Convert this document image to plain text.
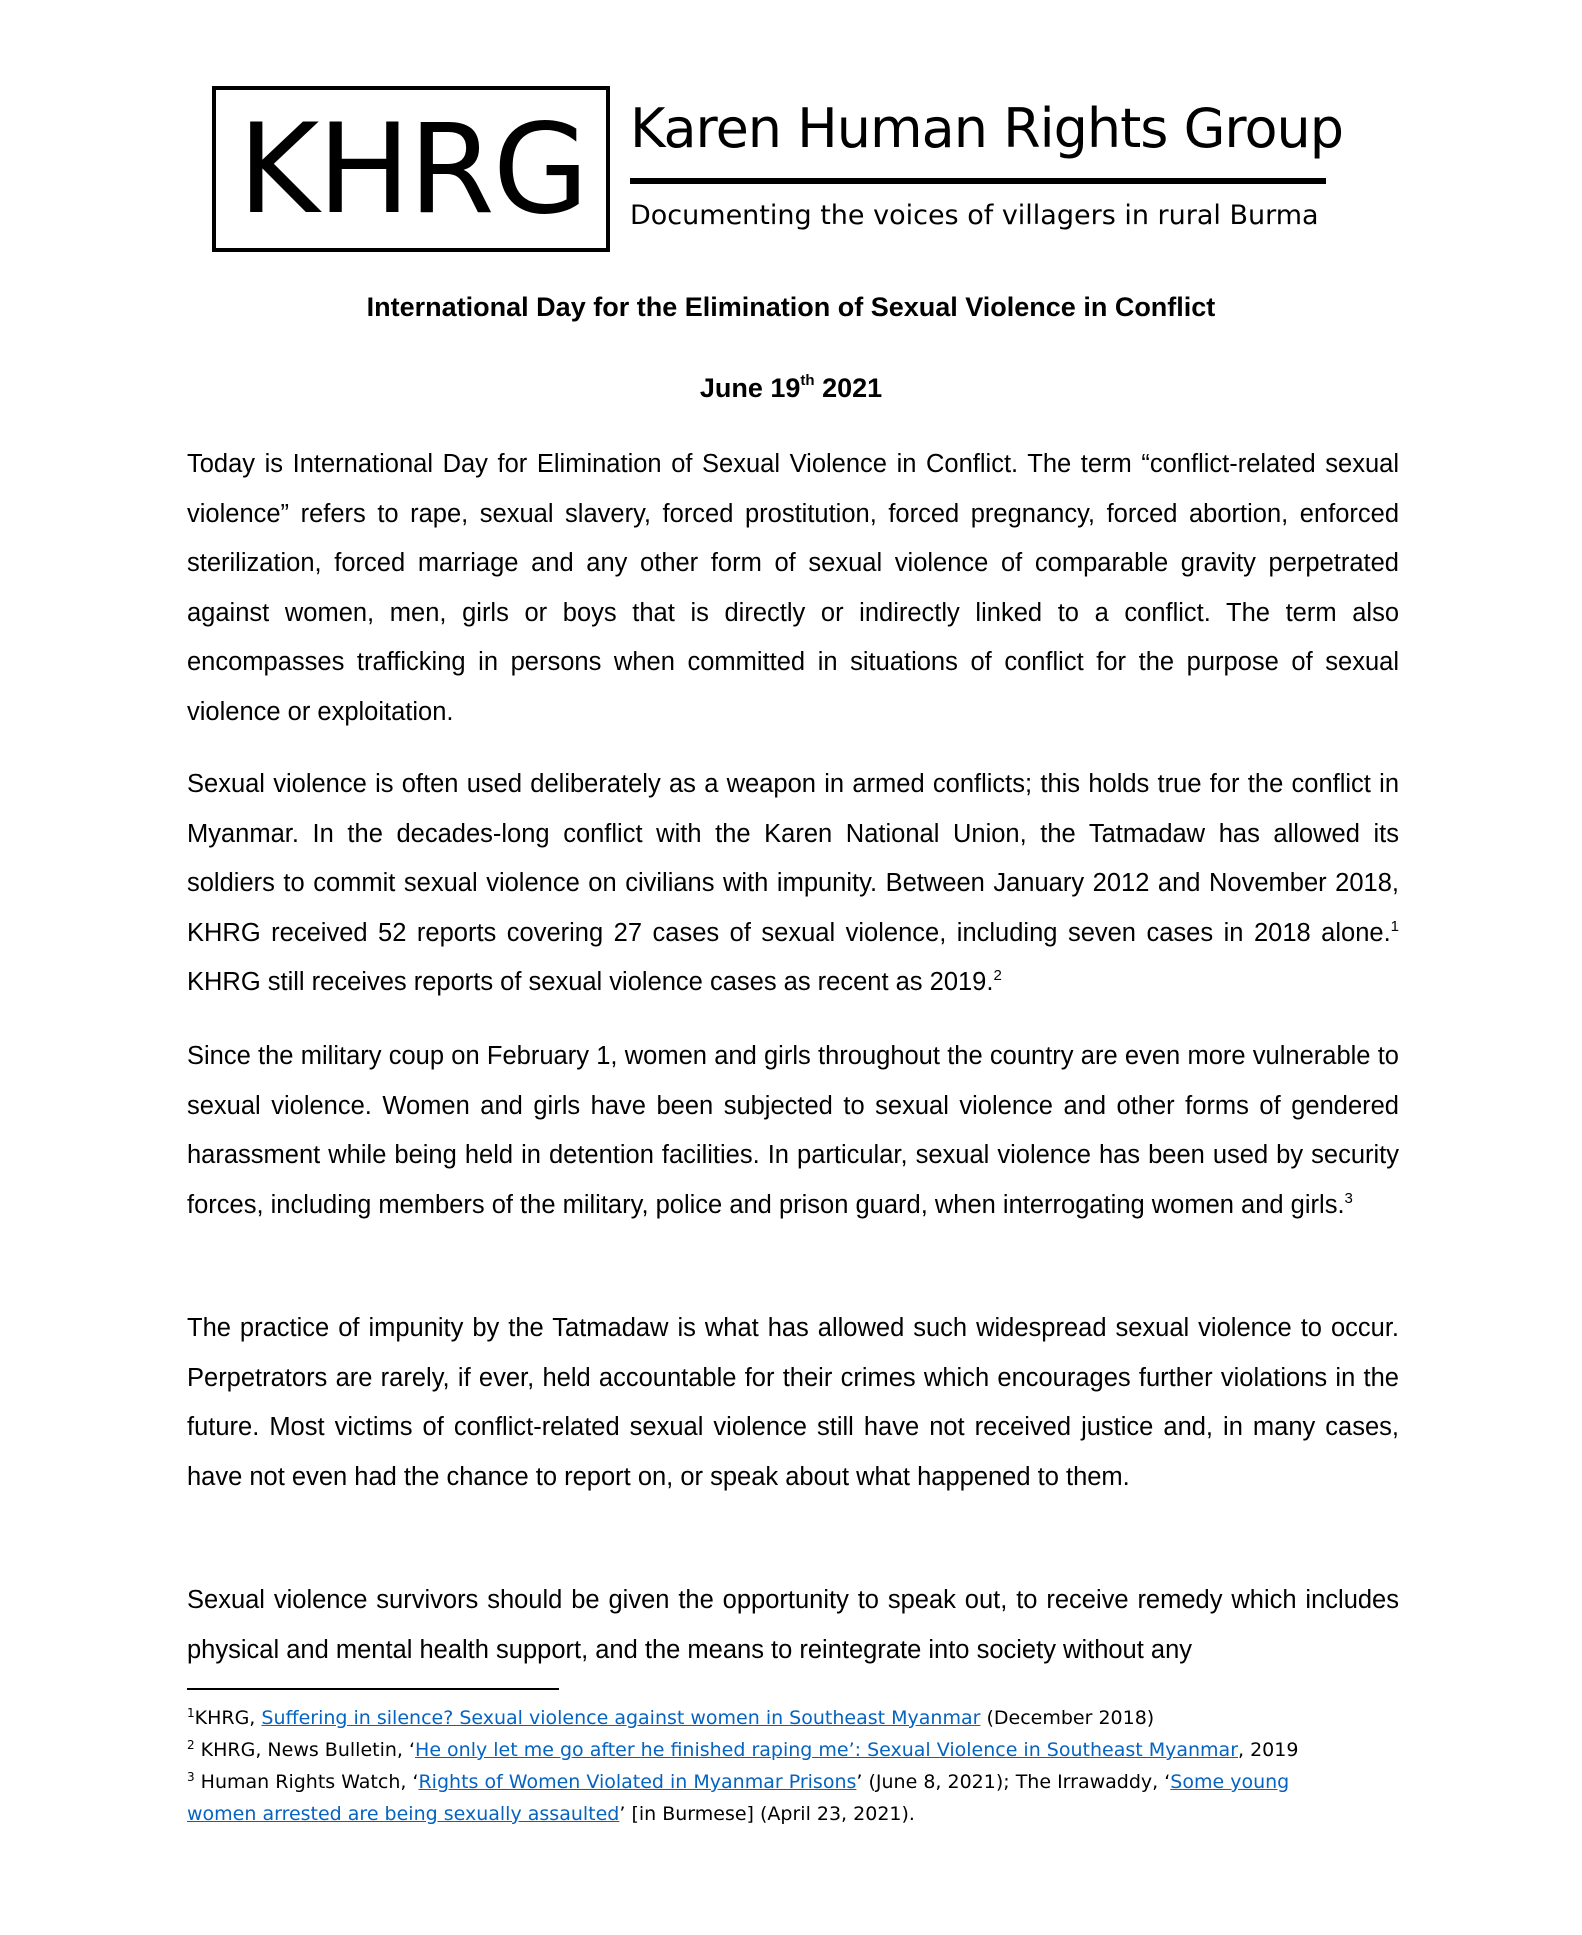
KHRG Karen Human Rights Group
Documenting the voices of villagers in rural Burma
International Day for the Elimination of Sexual Violence in Conflict
June 19th 2021

Today is International Day for Elimination of Sexual Violence in Conflict. The term “conflict-related sexual violence” refers to rape, sexual slavery, forced prostitution, forced pregnancy, forced abortion, enforced sterilization, forced marriage and any other form of sexual violence of comparable gravity perpetrated against women, men, girls or boys that is directly or indirectly linked to a conflict. The term also encompasses trafficking in persons when committed in situations of conflict for the purpose of sexual violence or exploitation.

Sexual violence is often used deliberately as a weapon in armed conflicts; this holds true for the conflict in Myanmar. In the decades-long conflict with the Karen National Union, the Tatmadaw has allowed its soldiers to commit sexual violence on civilians with impunity. Between January 2012 and November 2018, KHRG received 52 reports covering 27 cases of sexual violence, including seven cases in 2018 alone.$^1$ KHRG still receives reports of sexual violence cases as recent as 2019.$^2$

Since the military coup on February 1, women and girls throughout the country are even more vulnerable to sexual violence. Women and girls have been subjected to sexual violence and other forms of gendered harassment while being held in detention facilities. In particular, sexual violence has been used by security forces, including members of the military, police and prison guard, when interrogating women and girls.$^3$

The practice of impunity by the Tatmadaw is what has allowed such widespread sexual violence to occur. Perpetrators are rarely, if ever, held accountable for their crimes which encourages further violations in the future. Most victims of conflict-related sexual violence still have not received justice and, in many cases, have not even had the chance to report on, or speak about what happened to them.

Sexual violence survivors should be given the opportunity to speak out, to receive remedy which includes physical and mental health support, and the means to reintegrate into society without any

$^1$KHRG, Suffering in silence? Sexual violence against women in Southeast Myanmar (December 2018)

$^2$ KHRG, News Bulletin, ‘He only let me go after he finished raping me’: Sexual Violence in Southeast Myanmar, 2019

$^3$ Human Rights Watch, ‘Rights of Women Violated in Myanmar Prisons’ (June 8, 2021); The Irrawaddy, ‘Some young women arrested are being sexually assaulted’ [in Burmese] (April 23, 2021).
